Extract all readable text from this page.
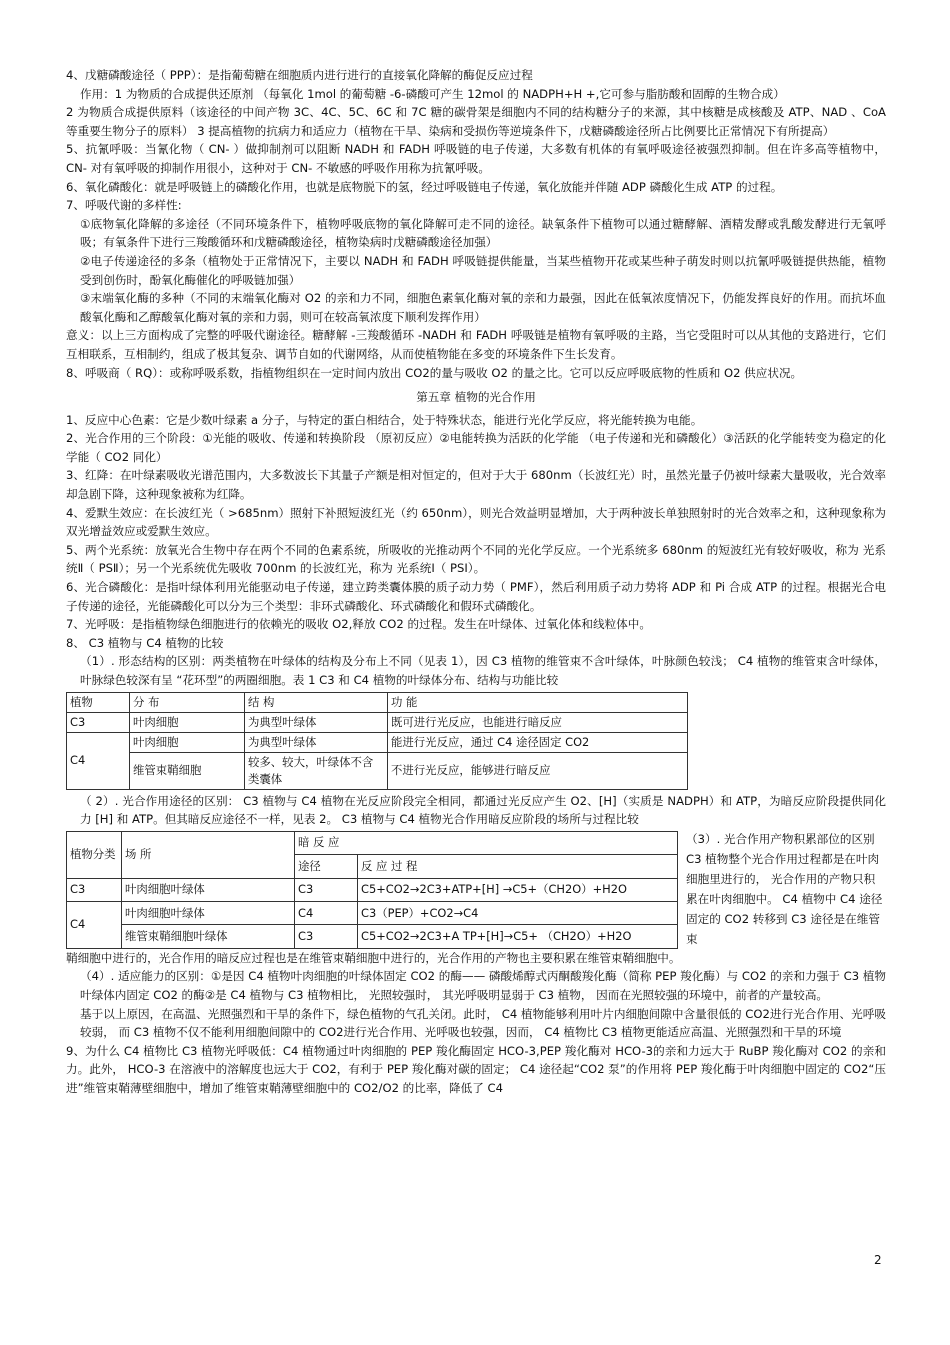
4、戊糖磷酸途径（ PPP）：是指葡萄糖在细胞质内进行进行的直接氧化降解的酶促反应过程

作用：1 为物质的合成提供还原剂 （每氧化 1mol 的葡萄糖 -6-磷酸可产生 12mol 的 NADPH+H +,它可参与脂肪酸和固醇的生物合成）

2 为物质合成提供原料（该途径的中间产物 3C、4C、5C、6C 和 7C 糖的碳骨架是细胞内不同的结构糖分子的来源，其中核糖是成核酸及 ATP、NAD 、CoA 等重要生物分子的原料） 3 提高植物的抗病力和适应力（植物在干旱、染病和受损伤等逆境条件下，戊糖磷酸途径所占比例要比正常情况下有所提高）

5、抗氰呼吸：当氰化物（ CN- ）做抑制剂可以阻断 NADH 和 FADH 呼吸链的电子传递，大多数有机体的有氧呼吸途径被强烈抑制。但在许多高等植物中， CN- 对有氧呼吸的抑制作用很小，这种对于 CN- 不敏感的呼吸作用称为抗氰呼吸。

6、氧化磷酸化：就是呼吸链上的磷酸化作用，也就是底物脱下的氢，经过呼吸链电子传递，氧化放能并伴随 ADP 磷酸化生成 ATP 的过程。

7、呼吸代谢的多样性:

①底物氧化降解的多途径（不同环境条件下，植物呼吸底物的氧化降解可走不同的途径。缺氧条件下植物可以通过糖酵解、酒精发酵或乳酸发酵进行无氧呼吸；有氧条件下进行三羧酸循环和戊糖磷酸途径，植物染病时戊糖磷酸途径加强）

②电子传递途径的多条（植物处于正常情况下，主要以 NADH 和 FADH 呼吸链提供能量，当某些植物开花或某些种子萌发时则以抗氰呼吸链提供热能，植物受到创伤时，酚氧化酶催化的呼吸链加强）

③末端氧化酶的多种（不同的末端氧化酶对 O2 的亲和力不同，细胞色素氧化酶对氧的亲和力最强，因此在低氧浓度情况下，仍能发挥良好的作用。而抗坏血酸氧化酶和乙醇酸氧化酶对氧的亲和力弱，则可在较高氧浓度下顺利发挥作用）

意义：以上三方面构成了完整的呼吸代谢途径。糖酵解 -三羧酸循环 -NADH 和 FADH 呼吸链是植物有氧呼吸的主路，当它受阻时可以从其他的支路进行，它们互相联系，互相制约，组成了极其复杂、调节自如的代谢网络，从而使植物能在多变的环境条件下生长发育。

8、呼吸商（ RQ）：或称呼吸系数，指植物组织在一定时间内放出 CO2的量与吸收 O2 的量之比。它可以反应呼吸底物的性质和 O2 供应状况。

第五章 植物的光合作用

1、反应中心色素：它是少数叶绿素 a 分子，与特定的蛋白相结合，处于特殊状态，能进行光化学反应，将光能转换为电能。

2、光合作用的三个阶段：①光能的吸收、传递和转换阶段 （原初反应）②电能转换为活跃的化学能 （电子传递和光和磷酸化）③活跃的化学能转变为稳定的化学能（ CO2 同化）

3、红降：在叶绿素吸收光谱范围内，大多数波长下其量子产额是相对恒定的，但对于大于 680nm（长波红光）时，虽然光量子仍被叶绿素大量吸收，光合效率却急剧下降，这种现象被称为红降。

4、爱默生效应：在长波红光（ >685nm）照射下补照短波红光（约 650nm），则光合效益明显增加，大于两种波长单独照射时的光合效率之和，这种现象称为双光增益效应或爱默生效应。

5、两个光系统：放氧光合生物中存在两个不同的色素系统，所吸收的光推动两个不同的光化学反应。一个光系统多 680nm 的短波红光有较好吸收，称为 光系统Ⅱ（ PSⅡ）；另一个光系统优先吸收 700nm 的长波红光，称为 光系统Ⅰ（ PSⅠ）。

6、光合磷酸化：是指叶绿体利用光能驱动电子传递，建立跨类囊体膜的质子动力势（ PMF），然后利用质子动力势将 ADP 和 Pi 合成 ATP 的过程。根据光合电子传递的途径，光能磷酸化可以分为三个类型：非环式磷酸化、环式磷酸化和假环式磷酸化。

7、光呼吸：是指植物绿色细胞进行的依赖光的吸收 O2,释放 CO2 的过程。发生在叶绿体、过氧化体和线粒体中。

8、 C3 植物与 C4 植物的比较

（1）. 形态结构的区别：两类植物在叶绿体的结构及分布上不同（见表 1），因 C3 植物的维管束不含叶绿体，叶脉颜色较浅； C4 植物的维管束含叶绿体，叶脉绿色较深有呈 “花环型”的两圈细胞。表 1 C3 和 C4 植物的叶绿体分布、结构与功能比较

植物	分 布	结 构	功 能
C3	叶肉细胞	为典型叶绿体	既可进行光反应，也能进行暗反应
C4	叶肉细胞	为典型叶绿体	能进行光反应，通过 C4 途径固定 CO2
	维管束鞘细胞	较多、较大，叶绿体不含类囊体	不进行光反应，能够进行暗反应

（ 2）. 光合作用途径的区别： C3 植物与 C4 植物在光反应阶段完全相同，都通过光反应产生 O2、[H]（实质是 NADPH）和 ATP，为暗反应阶段提供同化力 [H] 和 ATP。但其暗反应途径不一样，见表 2。 C3 植物与 C4 植物光合作用暗反应阶段的场所与过程比较

植物分类	场 所	暗 反 应	
		途径	反 应 过 程
C3	叶肉细胞叶绿体	C3	C5+CO2→2C3+ATP+[H] →C5+（CH2O）+H2O
C4	叶肉细胞叶绿体	C4	C3（PEP）+CO2→C4
	维管束鞘细胞叶绿体	C3	C5+CO2→2C3+A TP+[H]→C5+ （CH2O）+H2O
（3）. 光合作用产物积累部位的区别 C3 植物整个光合作用过程都是在叶肉细胞里进行的， 光合作用的产物只积累在叶肉细胞中。 C4 植物中 C4 途径固定的 CO2 转移到 C3 途径是在维管束

鞘细胞中进行的，光合作用的暗反应过程也是在维管束鞘细胞中进行的，光合作用的产物也主要积累在维管束鞘细胞中。

（4）. 适应能力的区别：①是因 C4 植物叶肉细胞的叶绿体固定 CO2 的酶—— 磷酸烯醇式丙酮酸羧化酶（简称 PEP 羧化酶）与 CO2 的亲和力强于 C3 植物叶绿体内固定 CO2 的酶②是 C4 植物与 C3 植物相比， 光照较强时， 其光呼吸明显弱于 C3 植物， 因而在光照较强的环境中，前者的产量较高。

基于以上原因，在高温、光照强烈和干旱的条件下，绿色植物的气孔关闭。此时， C4 植物能够利用叶片内细胞间隙中含量很低的 CO2进行光合作用、光呼吸较弱， 而 C3 植物不仅不能利用细胞间隙中的 CO2进行光合作用、光呼吸也较强，因而， C4 植物比 C3 植物更能适应高温、光照强烈和干旱的环境

9、为什么 C4 植物比 C3 植物光呼吸低：C4 植物通过叶肉细胞的 PEP 羧化酶固定 HCO-3,PEP 羧化酶对 HCO-3的亲和力远大于 RuBP 羧化酶对 CO2 的亲和力。此外， HCO-3 在溶液中的溶解度也远大于 CO2，有利于 PEP 羧化酶对碳的固定； C4 途径起“CO2 泵”的作用将 PEP 羧化酶于叶肉细胞中固定的 CO2“压进”维管束鞘薄壁细胞中，增加了维管束鞘薄壁细胞中的 CO2/O2 的比率，降低了 C4

2
